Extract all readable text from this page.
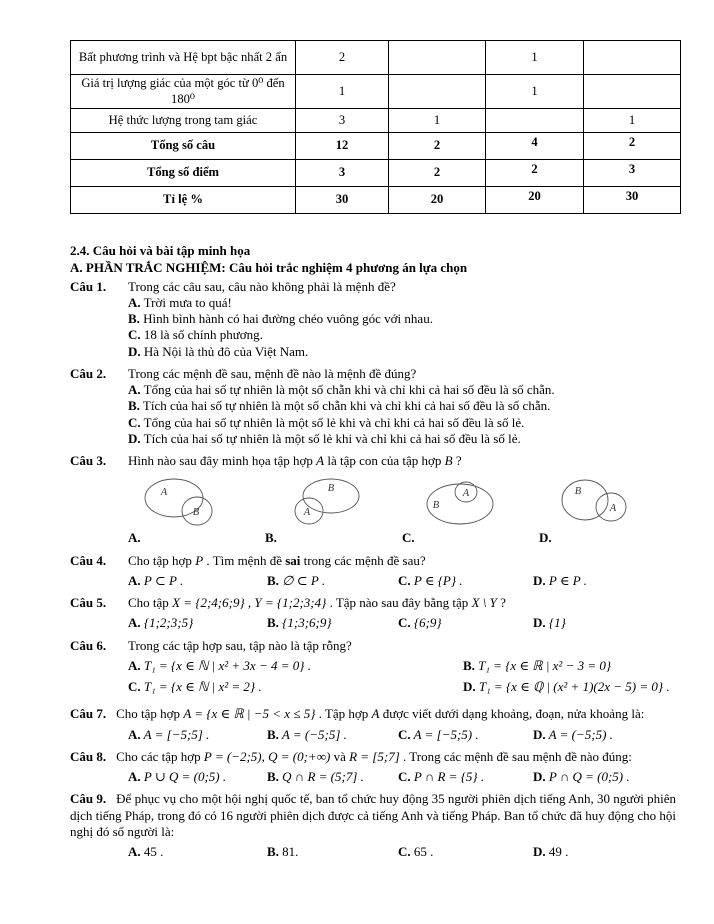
Bất phương trình và Hệ bpt bậc nhất 2 ẩn	2		1	
Giá trị lượng giác của một góc từ 0⁰ đến 180⁰	1		1	
Hệ thức lượng trong tam giác	3	1		1
Tổng số câu	12	2	4	2
Tổng số điểm	3	2	2	3
Tỉ lệ %	30	20	20	30
2.4. Câu hỏi và bài tập minh họa
A. PHẦN TRẮC NGHIỆM: Câu hỏi trắc nghiệm 4 phương án lựa chọn
Câu 1.	Trong các câu sau, câu nào không phải là mệnh đề?
A. Trời mưa to quá!
B. Hình bình hành có hai đường chéo vuông góc với nhau.
C. 18 là số chính phương.
D. Hà Nội là thủ đô của Việt Nam.
Câu 2.	Trong các mệnh đề sau, mệnh đề nào là mệnh đề đúng?
A. Tổng của hai số tự nhiên là một số chẵn khi và chỉ khi cả hai số đều là số chẵn.
B. Tích của hai số tự nhiên là một số chẵn khi và chỉ khi cả hai số đều là số chẵn.
C. Tổng của hai số tự nhiên là một số lẻ khi và chỉ khi cả hai số đều là số lẻ.
D. Tích của hai số tự nhiên là một số lẻ khi và chỉ khi cả hai số đều là số lẻ.
Câu 3.	Hình nào sau đây minh họa tập hợp A là tập con của tập hợp B ?
A
B
A.
B
A
B.
B
A
C.
B
A
D.
Câu 4.	Cho tập hợp P . Tìm mệnh đề sai trong các mệnh đề sau?
A. P ⊂ P .	B. ∅ ⊂ P .	C. P ∈ {P} .	D. P ∈ P .
Câu 5.	Cho tập X = {2;4;6;9} , Y = {1;2;3;4} . Tập nào sau đây bằng tập X \ Y ?
A. {1;2;3;5}	B. {1;3;6;9}	C. {6;9}	D. {1}
Câu 6.	Trong các tập hợp sau, tập nào là tập rỗng?
A. T₁ = {x ∈ ℕ | x² + 3x − 4 = 0} .	B. T₁ = {x ∈ ℝ | x² − 3 = 0}
C. T₁ = {x ∈ ℕ | x² = 2} .	D. T₁ = {x ∈ ℚ | (x² + 1)(2x − 5) = 0} .
Câu 7. Cho tập hợp A = {x ∈ ℝ | −5 < x ≤ 5} . Tập hợp A được viết dưới dạng khoảng, đoạn, nửa khoảng là:
A. A = [−5;5] .	B. A = (−5;5] .	C. A = [−5;5) .	D. A = (−5;5) .
Câu 8. Cho các tập hợp P = (−2;5), Q = (0;+∞) và R = [5;7] . Trong các mệnh đề sau mệnh đề nào đúng:
A. P ∪ Q = (0;5) .	B. Q ∩ R = (5;7] .	C. P ∩ R = {5} .	D. P ∩ Q = (0;5) .
Câu 9. Để phục vụ cho một hội nghị quốc tế, ban tổ chức huy động 35 người phiên dịch tiếng Anh, 30 người phiên dịch tiếng Pháp, trong đó có 16 người phiên dịch được cả tiếng Anh và tiếng Pháp. Ban tổ chức đã huy động cho hội nghị đó số người là:
A. 45 .	B. 81.	C. 65 .	D. 49 .
